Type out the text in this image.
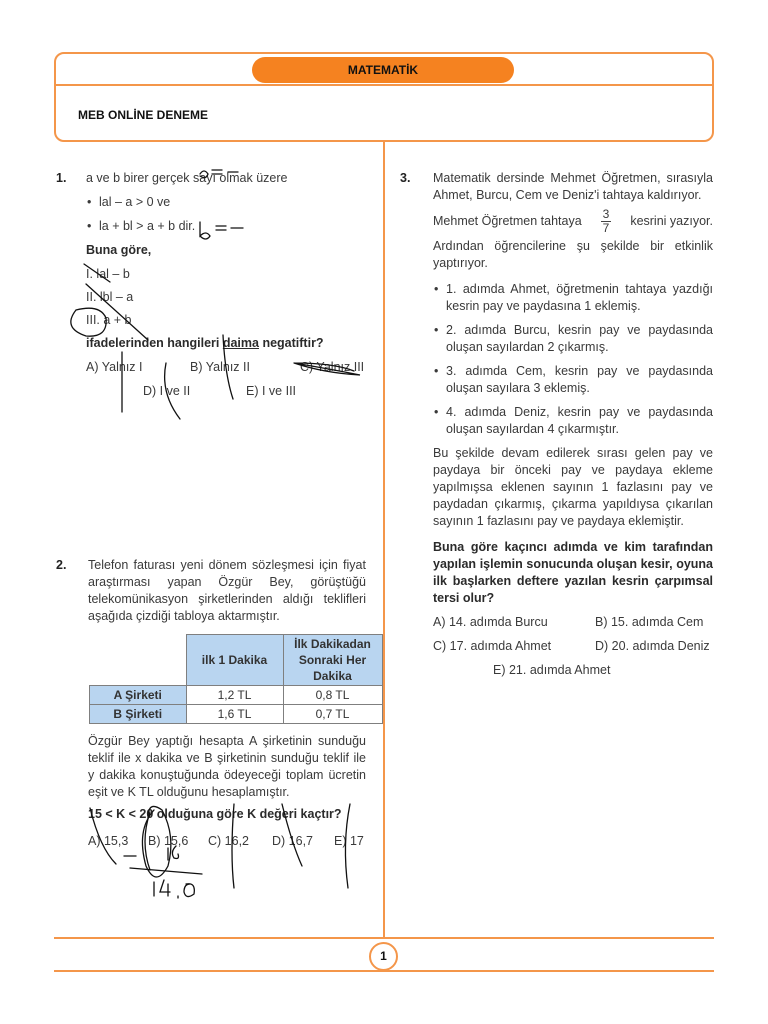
MATEMATİK
MEB ONLİNE DENEME
1. a ve b birer gerçek sayı olmak üzere

• lal – a > 0 ve

• la + bl > a + b dir.

Buna göre,

I. lal – b

II. lbl – a

III. a + b

ifadelerinden hangileri daima negatiftir?

A) Yalnız I	B) Yalnız II	C) Yalnız III
D) I ve II	E) I ve III
2. Telefon faturası yeni dönem sözleşmesi için fiyat araştırması yapan Özgür Bey, görüştüğü telekomünikasyon şirketlerinden aldığı teklifleri aşağıda çizdiği tabloya aktarmıştır.
	ilk 1 Dakika	İlk Dakikadan Sonraki Her Dakika
A Şirketi	1,2 TL	0,8 TL
B Şirketi	1,6 TL	0,7 TL
Özgür Bey yaptığı hesapta A şirketinin sunduğu teklif ile x dakika ve B şirketinin sunduğu teklif ile y dakika konuştuğunda ödeyeceği toplam ücretin eşit ve K TL olduğunu hesaplamıştır.
15 < K < 20 olduğuna göre K değeri kaçtır?
A) 15,3 B) 15,6 C) 16,2 D) 16,7 E) 17
3. Matematik dersinde Mehmet Öğretmen, sırasıyla Ahmet, Burcu, Cem ve Deniz'i tahtaya kaldırıyor.

Mehmet Öğretmen tahtaya $\frac{3}{7}$ kesrini yazıyor.

Ardından öğrencilerine şu şekilde bir etkinlik yaptırıyor.

• 1. adımda Ahmet, öğretmenin tahtaya yazdığı kesrin pay ve paydasına 1 eklemiş.

• 2. adımda Burcu, kesrin pay ve paydasında oluşan sayılardan 2 çıkarmış.

• 3. adımda Cem, kesrin pay ve paydasında oluşan sayılara 3 eklemiş.

• 4. adımda Deniz, kesrin pay ve paydasında oluşan sayılardan 4 çıkarmıştır.

Bu şekilde devam edilerek sırası gelen pay ve paydaya bir önceki pay ve paydaya ekleme yapılmışsa eklenen sayının 1 fazlasını pay ve paydadan çıkarmış, çıkarma yapıldıysa çıkarılan sayının 1 fazlasını pay ve paydaya eklemiştir.

Buna göre kaçıncı adımda ve kim tarafından yapılan işlemin sonucunda oluşan kesir, oyuna ilk başlarken deftere yazılan kesrin çarpımsal tersi olur?

A) 14. adımda Burcu	B) 15. adımda Cem
C) 17. adımda Ahmet	D) 20. adımda Deniz
E) 21. adımda Ahmet
1
